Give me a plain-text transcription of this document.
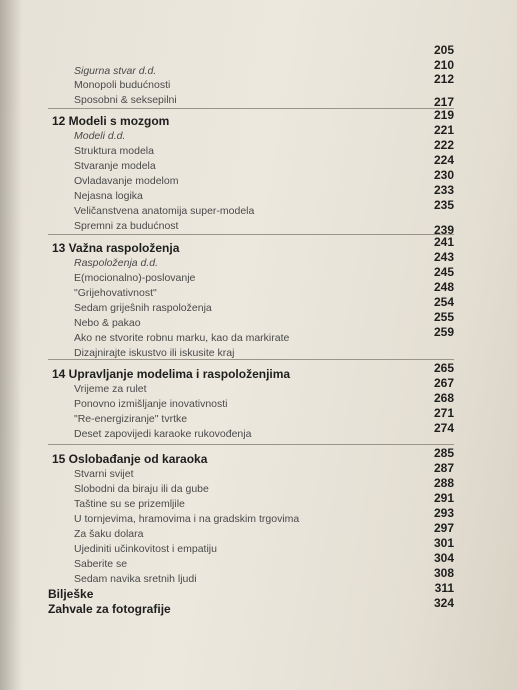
205
Sigurna stvar d.d.	210
Monopoli budućnosti	212
Sposobni & seksepilni	217
12 Modeli s mozgom	219
Modeli d.d.	221
Struktura modela	222
Stvaranje modela	224
Ovladavanje modelom	230
Nejasna logika	233
Veličanstvena anatomija super-modela	235
Spremni za budućnost	239
13 Važna raspoloženja	241
Raspoloženja d.d.	243
E(mocionalno)-poslovanje	245
"Grijehovativnost"	248
Sedam grijeŝnih raspoloženja	254
Nebo & pakao	255
Ako ne stvorite robnu marku, kao da markirate	259
Dizajnirajte iskustvo ili iskusite kraj
14 Upravljanje modelima i raspoloženjima	265
Vrijeme za rulet	267
Ponovno izmišljanje inovativnosti	268
"Re-energiziranje" tvrtke	271
Deset zapovijedi karaoke rukovođenja	274
15 Oslobađanje od karaoka	285
Stvarni svijet	287
Slobodni da biraju ili da gube	288
Taštine su se prizemljile	291
U tornjevima, hramovima i na gradskim trgovima	293
Za šaku dolara	297
Ujediniti učinkovitost i empatiju	301
Saberite se	304
Sedam navika sretnih ljudi	308
Bilješke	311
Zahvale za fotografije	324
